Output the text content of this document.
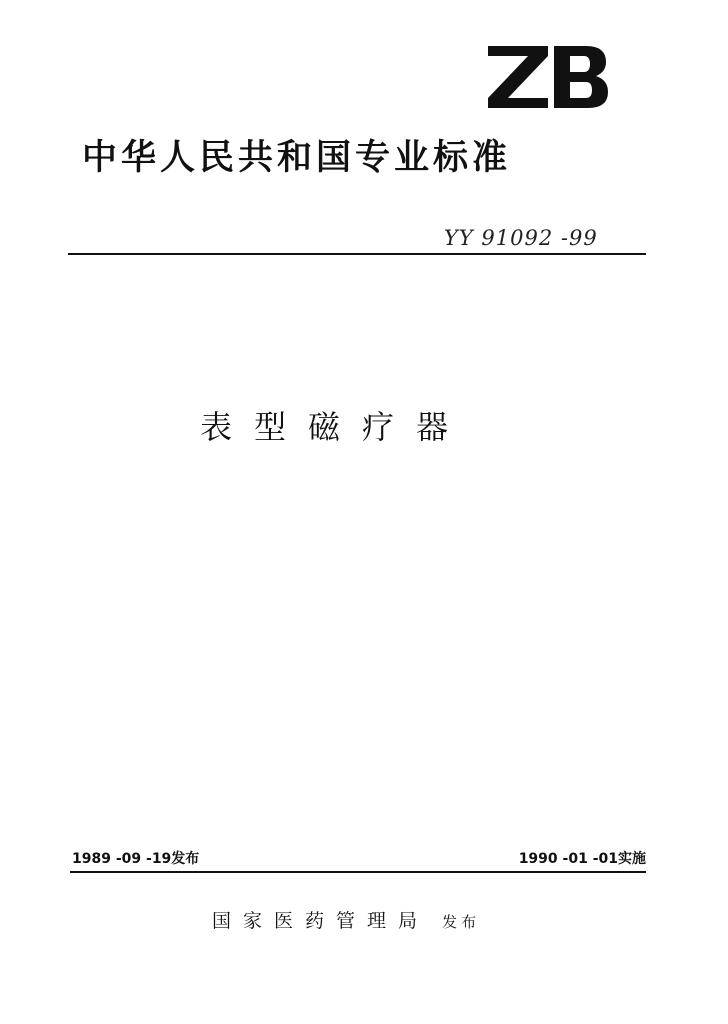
中华人民共和国专业标准
YY 91092 -99
表型磁疗器
1989 -09 -19发布	1990 -01 -01实施
国家医药管理局 发布
